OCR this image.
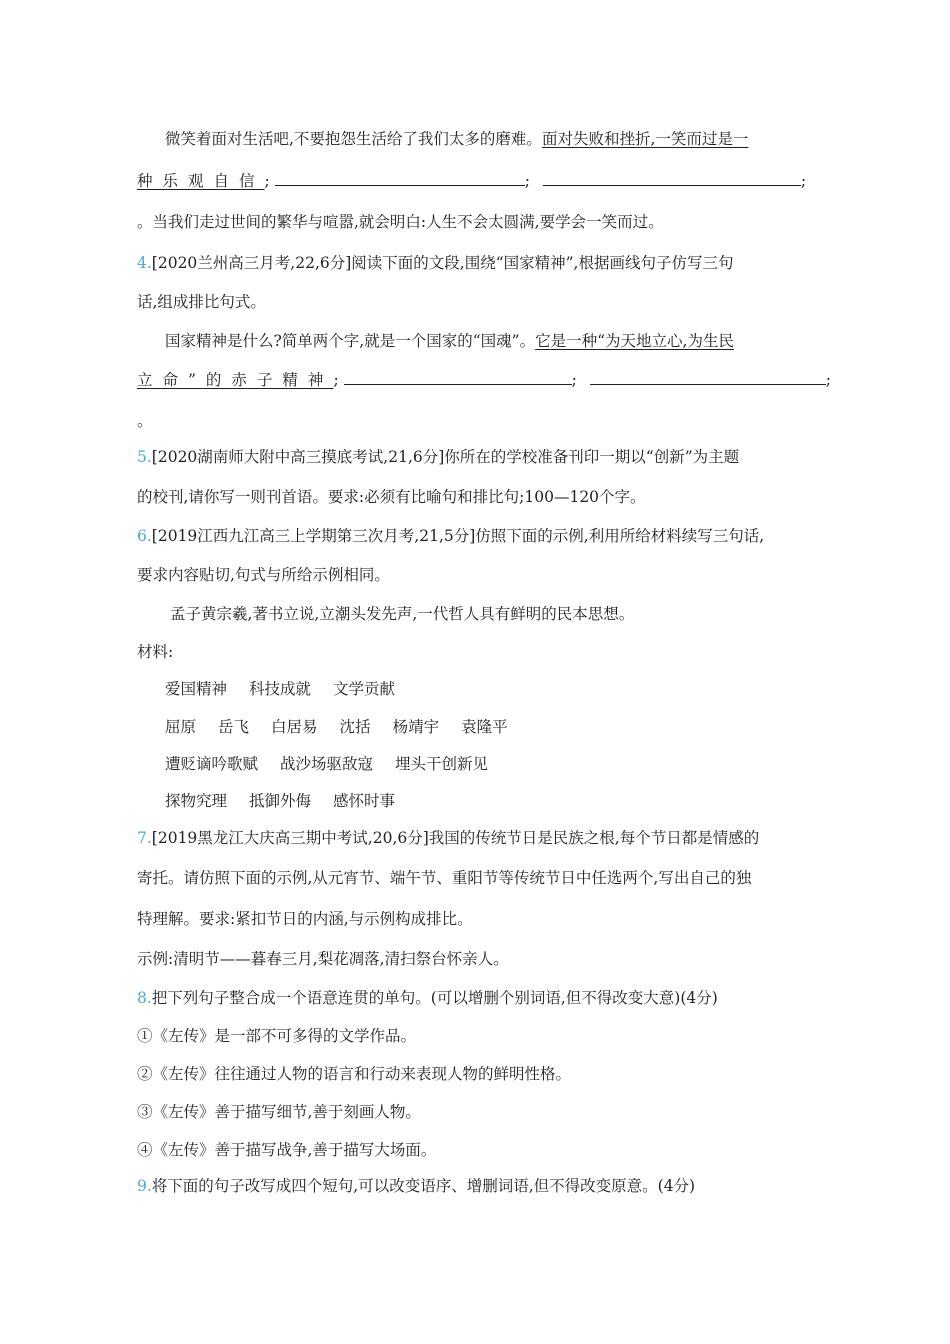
微笑着面对生活吧,不要抱怨生活给了我们太多的磨难。面对失败和挫折,一笑而过是一
种乐观自信;	;	;
。当我们走过世间的繁华与喧嚣,就会明白:人生不会太圆满,要学会一笑而过。
4.[2020兰州高三月考,22,6分]阅读下面的文段,围绕“国家精神”,根据画线句子仿写三句
话,组成排比句式。
国家精神是什么?简单两个字,就是一个国家的“国魂”。它是一种“为天地立心,为生民
立命”的赤子精神;	;	;
。
5.[2020湖南师大附中高三摸底考试,21,6分]你所在的学校准备刊印一期以“创新”为主题
的校刊,请你写一则刊首语。要求:必须有比喻句和排比句;100—120个字。
6.[2019江西九江高三上学期第三次月考,21,5分]仿照下面的示例,利用所给材料续写三句话,
要求内容贴切,句式与所给示例相同。
孟子黄宗羲,著书立说,立潮头发先声,一代哲人具有鲜明的民本思想。
材料:
爱国精神 科技成就 文学贡献
屈原 岳飞 白居易 沈括 杨靖宇 袁隆平
遭贬谪吟歌赋 战沙场驱敌寇 埋头干创新见
探物究理 抵御外侮 感怀时事
7.[2019黑龙江大庆高三期中考试,20,6分]我国的传统节日是民族之根,每个节日都是情感的
寄托。请仿照下面的示例,从元宵节、端午节、重阳节等传统节日中任选两个,写出自己的独
特理解。要求:紧扣节日的内涵,与示例构成排比。
示例:清明节——暮春三月,梨花凋落,清扫祭台怀亲人。
8.把下列句子整合成一个语意连贯的单句。(可以增删个别词语,但不得改变大意)(4分)
①《左传》是一部不可多得的文学作品。
②《左传》往往通过人物的语言和行动来表现人物的鲜明性格。
③《左传》善于描写细节,善于刻画人物。
④《左传》善于描写战争,善于描写大场面。
9.将下面的句子改写成四个短句,可以改变语序、增删词语,但不得改变原意。(4分)
